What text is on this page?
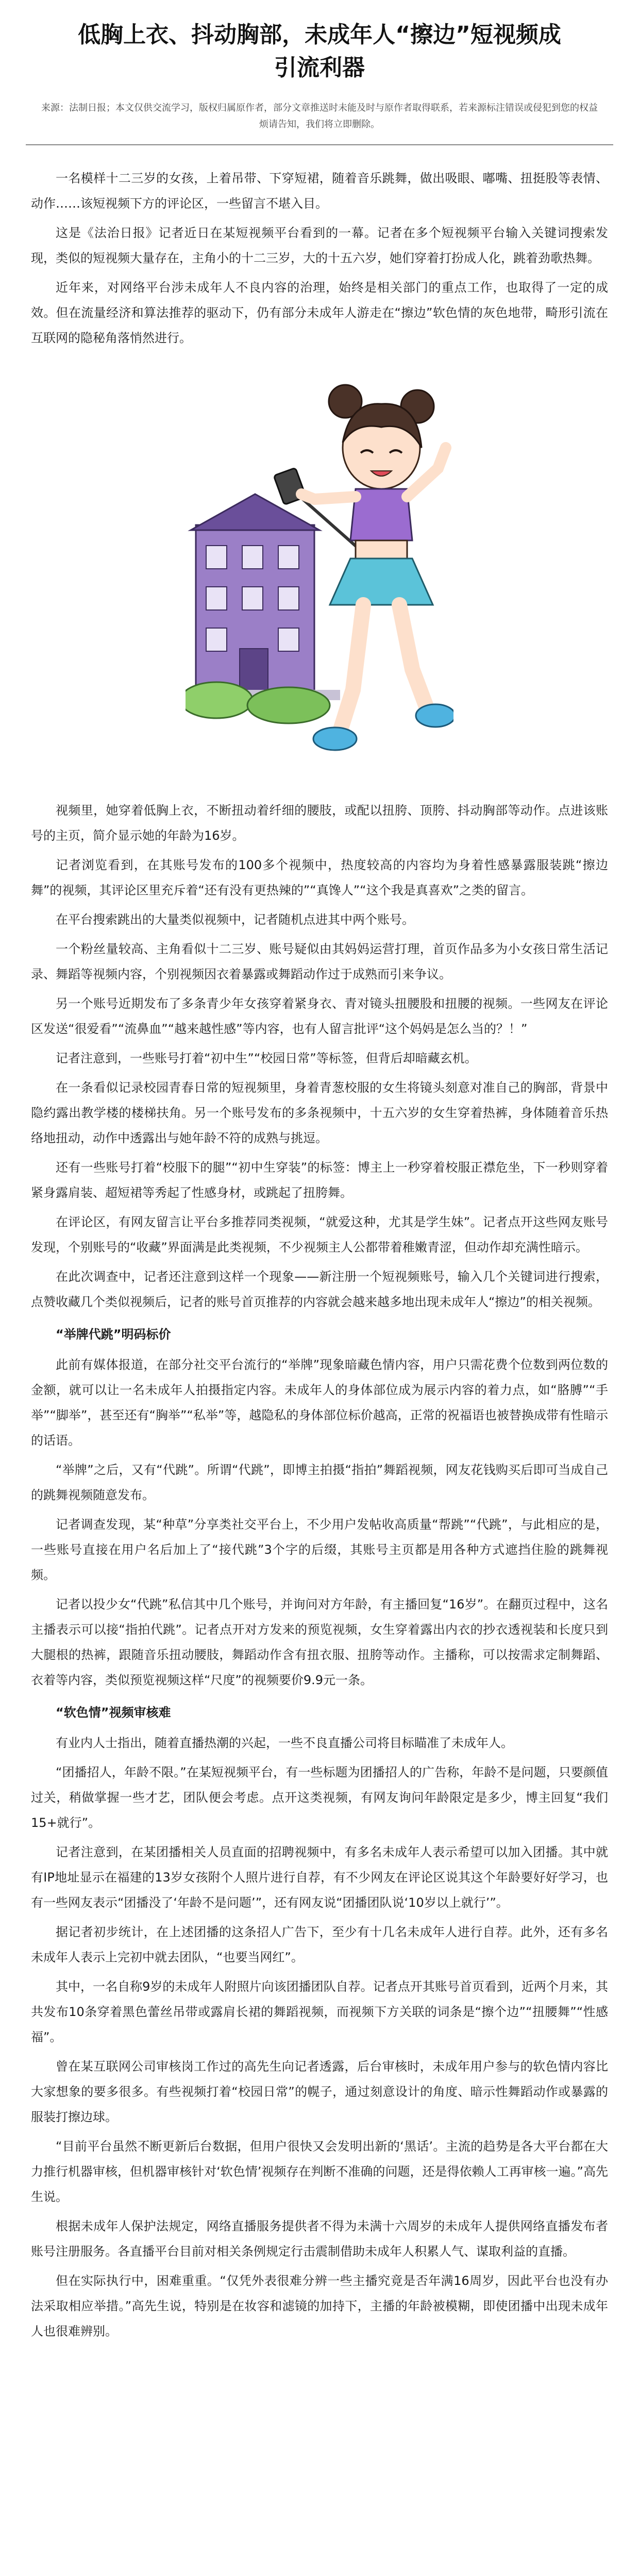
低胸上衣、抖动胸部，未成年人“擦边”短视频成引流利器
来源：法制日报；本文仅供交流学习，版权归属原作者，部分文章推送时未能及时与原作者取得联系，若来源标注错误或侵犯到您的权益烦请告知，我们将立即删除。

一名模样十二三岁的女孩，上着吊带、下穿短裙，随着音乐跳舞，做出吸眼、嘟嘴、扭挺股等表情、动作……该短视频下方的评论区，一些留言不堪入目。

这是《法治日报》记者近日在某短视频平台看到的一幕。记者在多个短视频平台输入关键词搜索发现，类似的短视频大量存在，主角小的十二三岁，大的十五六岁，她们穿着打扮成人化，跳着劲歌热舞。

近年来，对网络平台涉未成年人不良内容的治理，始终是相关部门的重点工作，也取得了一定的成效。但在流量经济和算法推荐的驱动下，仍有部分未成年人游走在“擦边”软色情的灰色地带，畸形引流在互联网的隐秘角落悄然进行。

视频里，她穿着低胸上衣，不断扭动着纤细的腰肢，或配以扭胯、顶胯、抖动胸部等动作。点进该账号的主页，简介显示她的年龄为16岁。

记者浏览看到，在其账号发布的100多个视频中，热度较高的内容均为身着性感暴露服装跳“擦边舞”的视频，其评论区里充斥着“还有没有更热辣的”“真馋人”“这个我是真喜欢”之类的留言。

在平台搜索跳出的大量类似视频中，记者随机点进其中两个账号。

一个粉丝量较高、主角看似十二三岁、账号疑似由其妈妈运营打理，首页作品多为小女孩日常生活记录、舞蹈等视频内容，个别视频因衣着暴露或舞蹈动作过于成熟而引来争议。

另一个账号近期发布了多条青少年女孩穿着紧身衣、青对镜头扭腰股和扭腰的视频。一些网友在评论区发送“很爱看”“流鼻血”“越来越性感”等内容，也有人留言批评“这个妈妈是怎么当的？！”

记者注意到，一些账号打着“初中生”“校园日常”等标签，但背后却暗藏玄机。

在一条看似记录校园青春日常的短视频里，身着青葱校服的女生将镜头刻意对准自己的胸部，背景中隐约露出教学楼的楼梯扶角。另一个账号发布的多条视频中，十五六岁的女生穿着热裤，身体随着音乐热络地扭动，动作中透露出与她年龄不符的成熟与挑逗。

还有一些账号打着“校服下的腿”“初中生穿装”的标签：博主上一秒穿着校服正襟危坐，下一秒则穿着紧身露肩装、超短裙等秀起了性感身材，或跳起了扭胯舞。

在评论区，有网友留言让平台多推荐同类视频，“就爱这种，尤其是学生妹”。记者点开这些网友账号发现，个别账号的“收藏”界面满是此类视频，不少视频主人公都带着稚嫩青涩，但动作却充满性暗示。

在此次调查中，记者还注意到这样一个现象——新注册一个短视频账号，输入几个关键词进行搜索，点赞收藏几个类似视频后，记者的账号首页推荐的内容就会越来越多地出现未成年人“擦边”的相关视频。

“举牌代跳”明码标价

此前有媒体报道，在部分社交平台流行的“举牌”现象暗藏色情内容，用户只需花费个位数到两位数的金额，就可以让一名未成年人拍摄指定内容。未成年人的身体部位成为展示内容的着力点，如“胳膊”“手举”“脚举”，甚至还有“胸举”“私举”等，越隐私的身体部位标价越高，正常的祝福语也被替换成带有性暗示的话语。

“举牌”之后，又有“代跳”。所谓“代跳”，即博主拍摄“指拍”舞蹈视频，网友花钱购买后即可当成自己的跳舞视频随意发布。

记者调查发现，某“种草”分享类社交平台上，不少用户发帖收高质量“帮跳”“代跳”，与此相应的是，一些账号直接在用户名后加上了“接代跳”3个字的后缀，其账号主页都是用各种方式遮挡住脸的跳舞视频。

记者以投少女“代跳”私信其中几个账号，并询问对方年龄，有主播回复“16岁”。在翻页过程中，这名主播表示可以接“指拍代跳”。记者点开对方发来的预览视频，女生穿着露出内衣的抄衣透视装和长度只到大腿根的热裤，跟随音乐扭动腰肢，舞蹈动作含有扭衣服、扭胯等动作。主播称，可以按需求定制舞蹈、衣着等内容，类似预览视频这样“尺度”的视频要价9.9元一条。

“软色情”视频审核难

有业内人士指出，随着直播热潮的兴起，一些不良直播公司将目标瞄准了未成年人。

“团播招人，年龄不限。”在某短视频平台，有一些标题为团播招人的广告称，年龄不是问题，只要颜值过关，稍做掌握一些才艺，团队便会考虑。点开这类视频，有网友询问年龄限定是多少，博主回复“我们15+就行”。

记者注意到，在某团播相关人员直面的招聘视频中，有多名未成年人表示希望可以加入团播。其中就有IP地址显示在福建的13岁女孩附个人照片进行自荐，有不少网友在评论区说其这个年龄要好好学习，也有一些网友表示“团播没了‘年龄不是问题’”，还有网友说“团播团队说‘10岁以上就行’”。

据记者初步统计，在上述团播的这条招人广告下，至少有十几名未成年人进行自荐。此外，还有多名未成年人表示上完初中就去团队，“也要当网红”。

其中，一名自称9岁的未成年人附照片向该团播团队自荐。记者点开其账号首页看到，近两个月来，其共发布10条穿着黑色蕾丝吊带或露肩长裙的舞蹈视频，而视频下方关联的词条是“擦个边”“扭腰舞”“性感福”。

曾在某互联网公司审核岗工作过的高先生向记者透露，后台审核时，未成年用户参与的软色情内容比大家想象的要多很多。有些视频打着“校园日常”的幌子，通过刻意设计的角度、暗示性舞蹈动作或暴露的服装打擦边球。

“目前平台虽然不断更新后台数据，但用户很快又会发明出新的‘黑话’。主流的趋势是各大平台都在大力推行机器审核，但机器审核针对‘软色情’视频存在判断不准确的问题，还是得依赖人工再审核一遍。”高先生说。

根据未成年人保护法规定，网络直播服务提供者不得为未满十六周岁的未成年人提供网络直播发布者账号注册服务。各直播平台目前对相关条例规定行击震制借助未成年人积累人气、谋取利益的直播。

但在实际执行中，困难重重。“仅凭外表很难分辨一些主播究竟是否年满16周岁，因此平台也没有办法采取相应举措。”高先生说，特别是在妆容和滤镜的加持下，主播的年龄被模糊，即使团播中出现未成年人也很难辨别。
